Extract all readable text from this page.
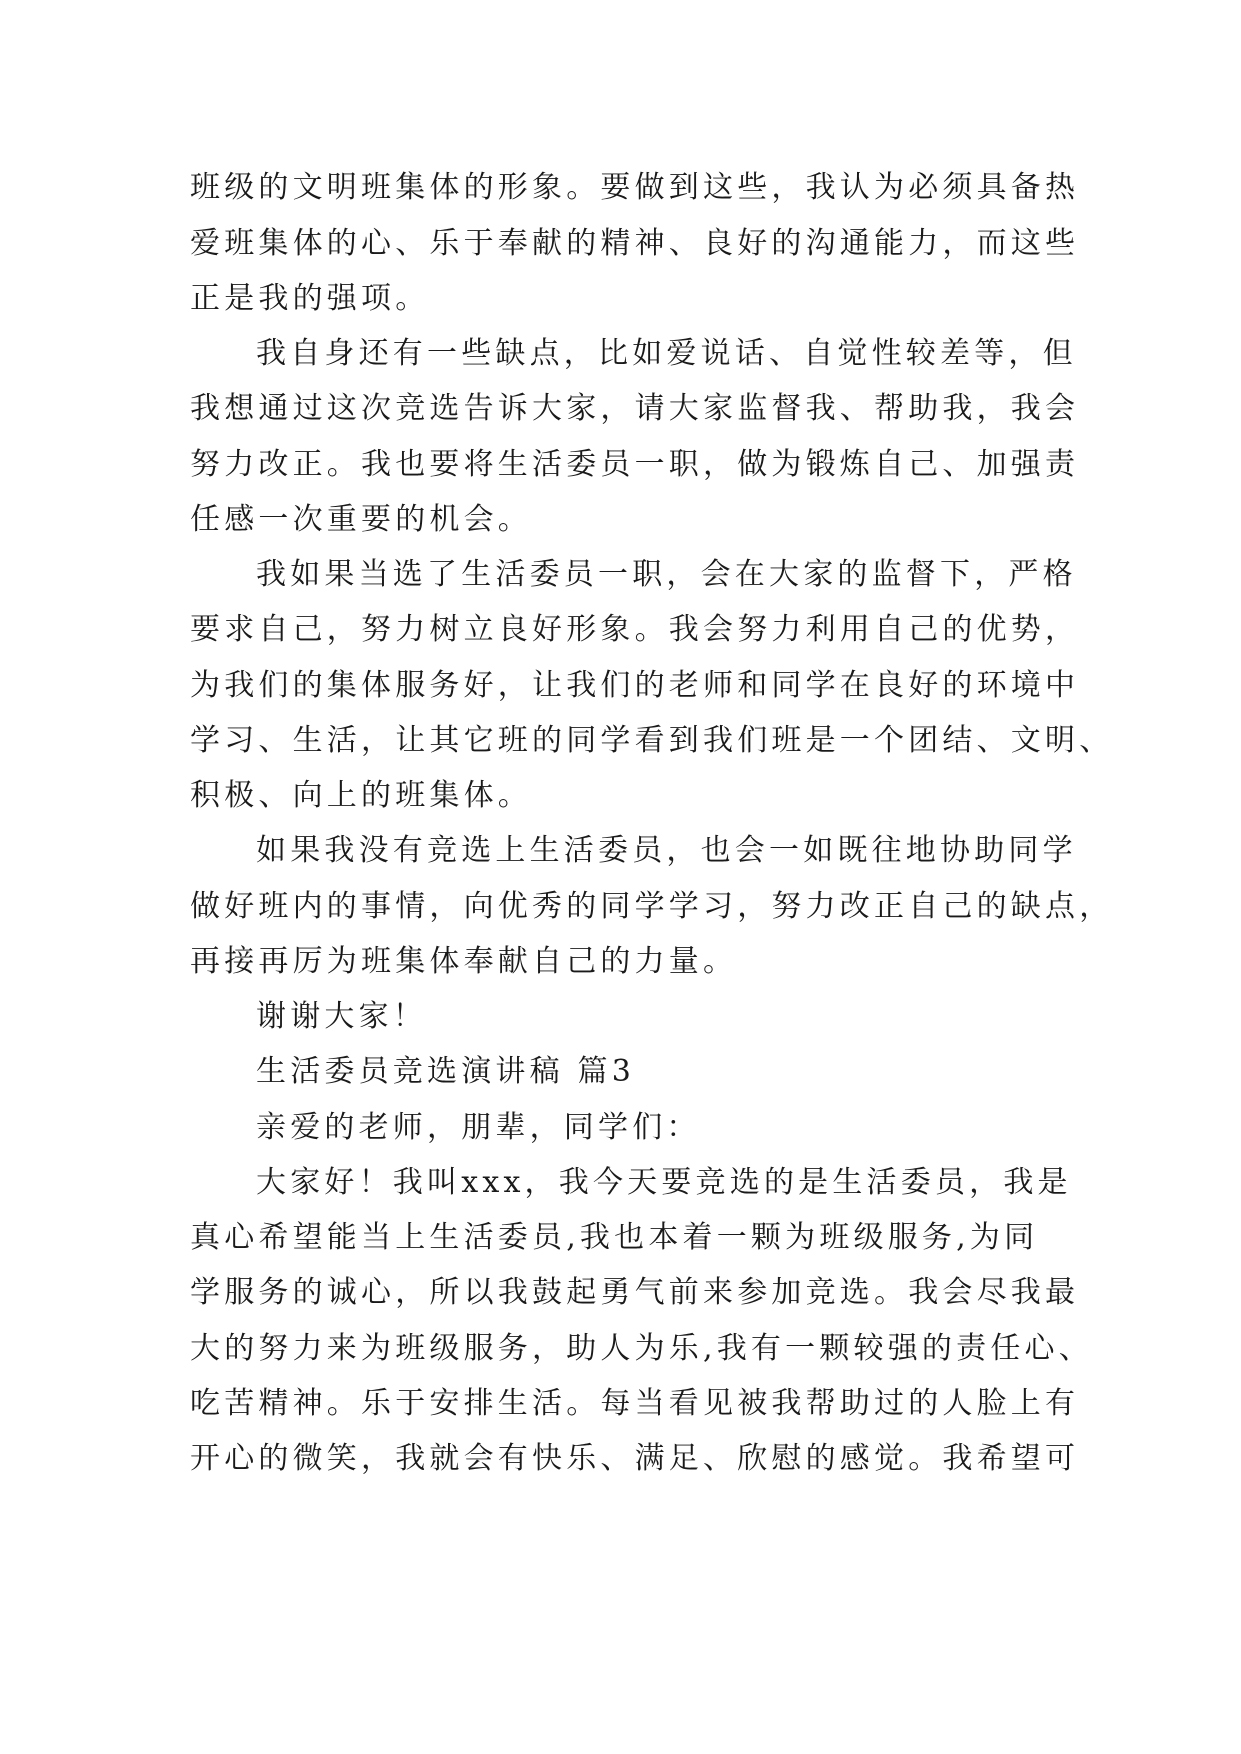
班级的文明班集体的形象。要做到这些，我认为必须具备热
爱班集体的心、乐于奉献的精神、良好的沟通能力，而这些
正是我的强项。
我自身还有一些缺点，比如爱说话、自觉性较差等，但
我想通过这次竞选告诉大家，请大家监督我、帮助我，我会
努力改正。我也要将生活委员一职，做为锻炼自己、加强责
任感一次重要的机会。
我如果当选了生活委员一职，会在大家的监督下，严格
要求自己，努力树立良好形象。我会努力利用自己的优势，
为我们的集体服务好，让我们的老师和同学在良好的环境中
学习、生活，让其它班的同学看到我们班是一个团结、文明、
积极、向上的班集体。
如果我没有竞选上生活委员，也会一如既往地协助同学
做好班内的事情，向优秀的同学学习，努力改正自己的缺点，
再接再厉为班集体奉献自己的力量。
谢谢大家！
生活委员竞选演讲稿 篇3
亲爱的老师，朋辈，同学们：
大家好！我叫xxx，我今天要竞选的是生活委员，我是
真心希望能当上生活委员,我也本着一颗为班级服务,为同
学服务的诚心，所以我鼓起勇气前来参加竞选。我会尽我最
大的努力来为班级服务，助人为乐,我有一颗较强的责任心、
吃苦精神。乐于安排生活。每当看见被我帮助过的人脸上有
开心的微笑，我就会有快乐、满足、欣慰的感觉。我希望可
